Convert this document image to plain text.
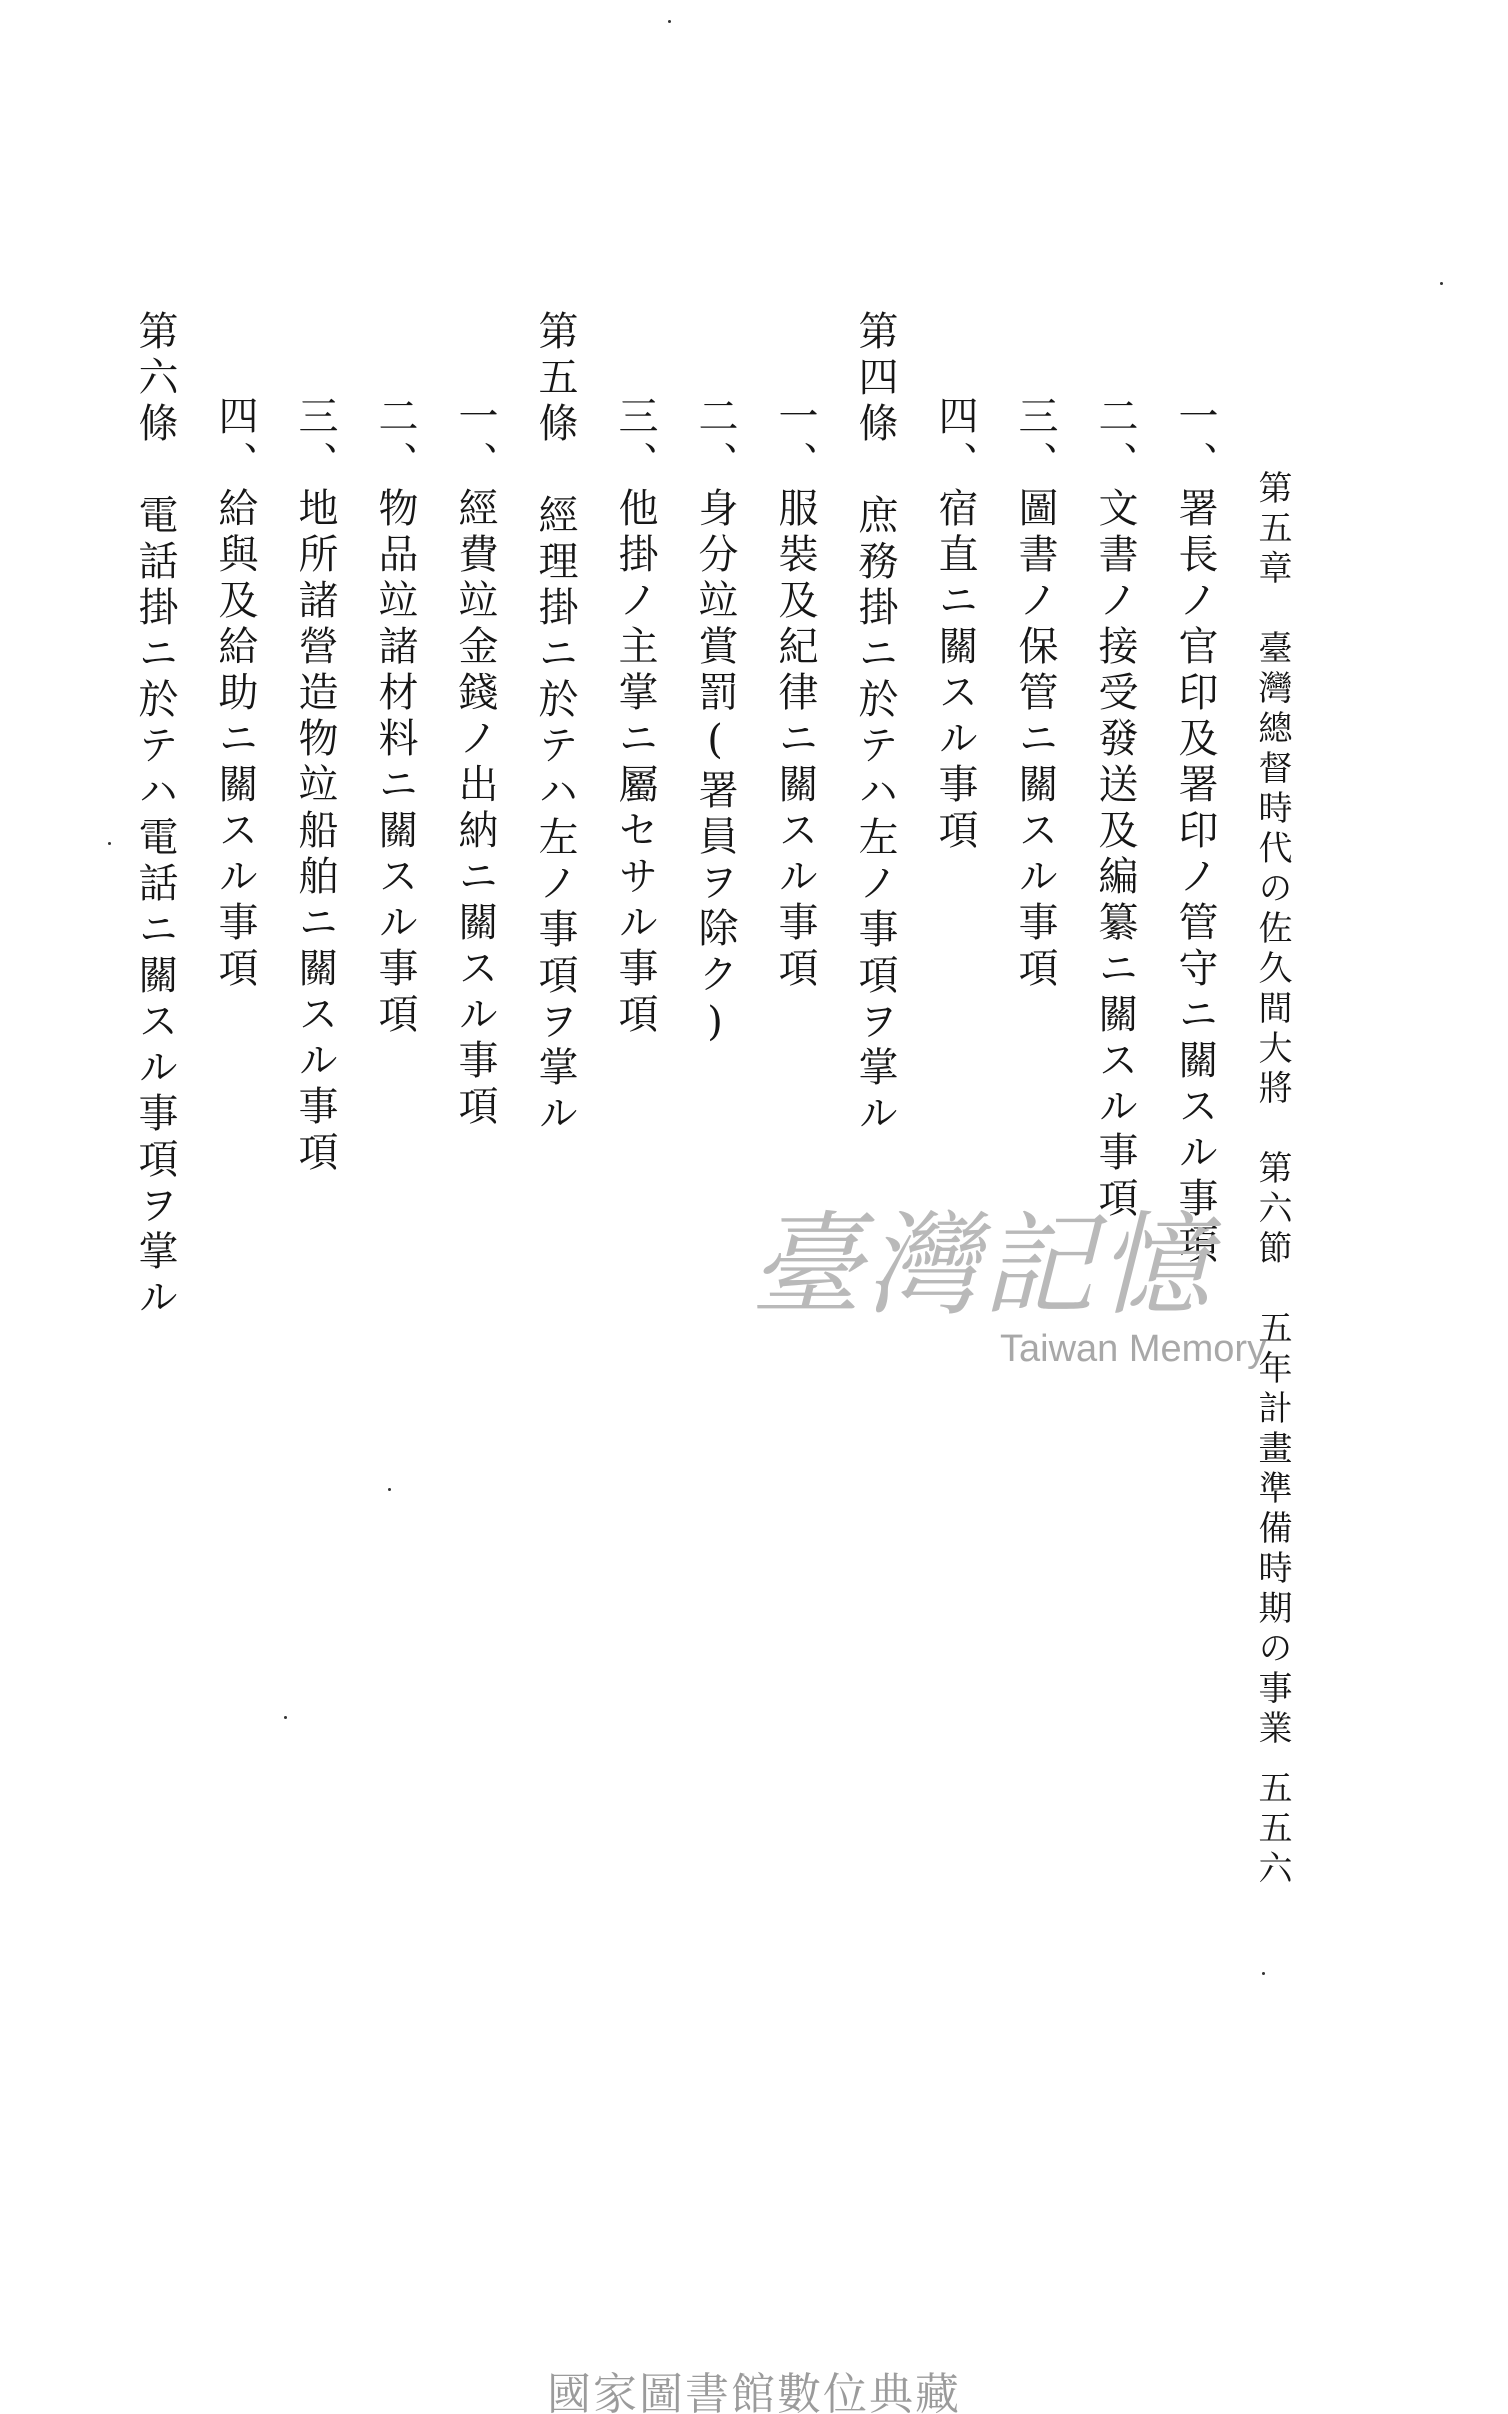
第五章　臺灣總督時代の佐久間大將　第六節　五年計畫準備時期の事業
五五六
一、署長ノ官印及署印ノ管守ニ關スル事項
二、文書ノ接受發送及編纂ニ關スル事項
三、圖書ノ保管ニ關スル事項
四、宿直ニ關スル事項
第四條　庶務掛ニ於テハ左ノ事項ヲ掌ル
一、服裝及紀律ニ關スル事項
二、身分竝賞罰(署員ヲ除ク)
三、他掛ノ主掌ニ屬セサル事項
第五條　經理掛ニ於テハ左ノ事項ヲ掌ル
一、經費竝金錢ノ出納ニ關スル事項
二、物品竝諸材料ニ關スル事項
三、地所諸營造物竝船舶ニ關スル事項
四、給與及給助ニ關スル事項
第六條　電話掛ニ於テハ電話ニ關スル事項ヲ掌ル	臺灣記憶
Taiwan Memory
國家圖書館數位典藏
